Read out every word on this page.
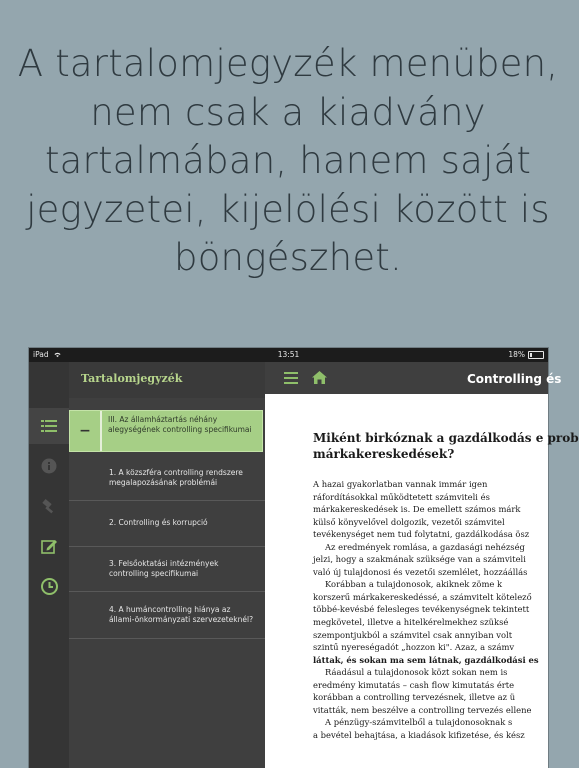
A tartalomjegyzék menüben,
nem csak a kiadvány
tartalmában, hanem saját
jegyzetei, kijelölési között is
böngészhet.
iPad	13:51	18%
Tartalomjegyzék
−
III. Az államháztartás néhány alegységének controlling specifikumai
1. A közszféra controlling rendszere megalapozásának problémái
2. Controlling és korrupció
3. Felsőoktatási intézmények controlling specifikumai
4. A humáncontrolling hiánya az állami-önkormányzati szervezeteknél?
Controlling és
Miként birkóznak a gazdálkodás e prob
márkakereskedések?
A hazai gyakorlatban vannak immár igen
ráfordításokkal működtetett számviteli és
márkakereskedések is. De emellett számos márk
külső könyvelővel dolgozik, vezetői számvitel
tevékenységet nem tud folytatni, gazdálkodása ösz
Az eredmények romlása, a gazdasági nehézség
jelzi, hogy a szakmának szüksége van a számviteli
való új tulajdonosi és vezetői szemlélet, hozzáállás
Korábban a tulajdonosok, akiknek zöme k
korszerű márkakereskedéssé, a számvitelt kötelező
többé-kevésbé felesleges tevékenységnek tekintett
megkövetel, illetve a hitelkérelmekhez szüksé
szempontjukból a számvitel csak annyiban volt
szintű nyereségadót „hozzon ki". Azaz, a számv
láttak, és sokan ma sem látnak, gazdálkodási es
Ráadásul a tulajdonosok közt sokan nem is
eredmény kimutatás – cash flow kimutatás érte
korábban a controlling tervezésnek, illetve az ü
vitatták, nem beszélve a controlling tervezés ellene
A pénzügy-számvitelből a tulajdonosoknak s
a bevétel behajtása, a kiadások kifizetése, és kész
